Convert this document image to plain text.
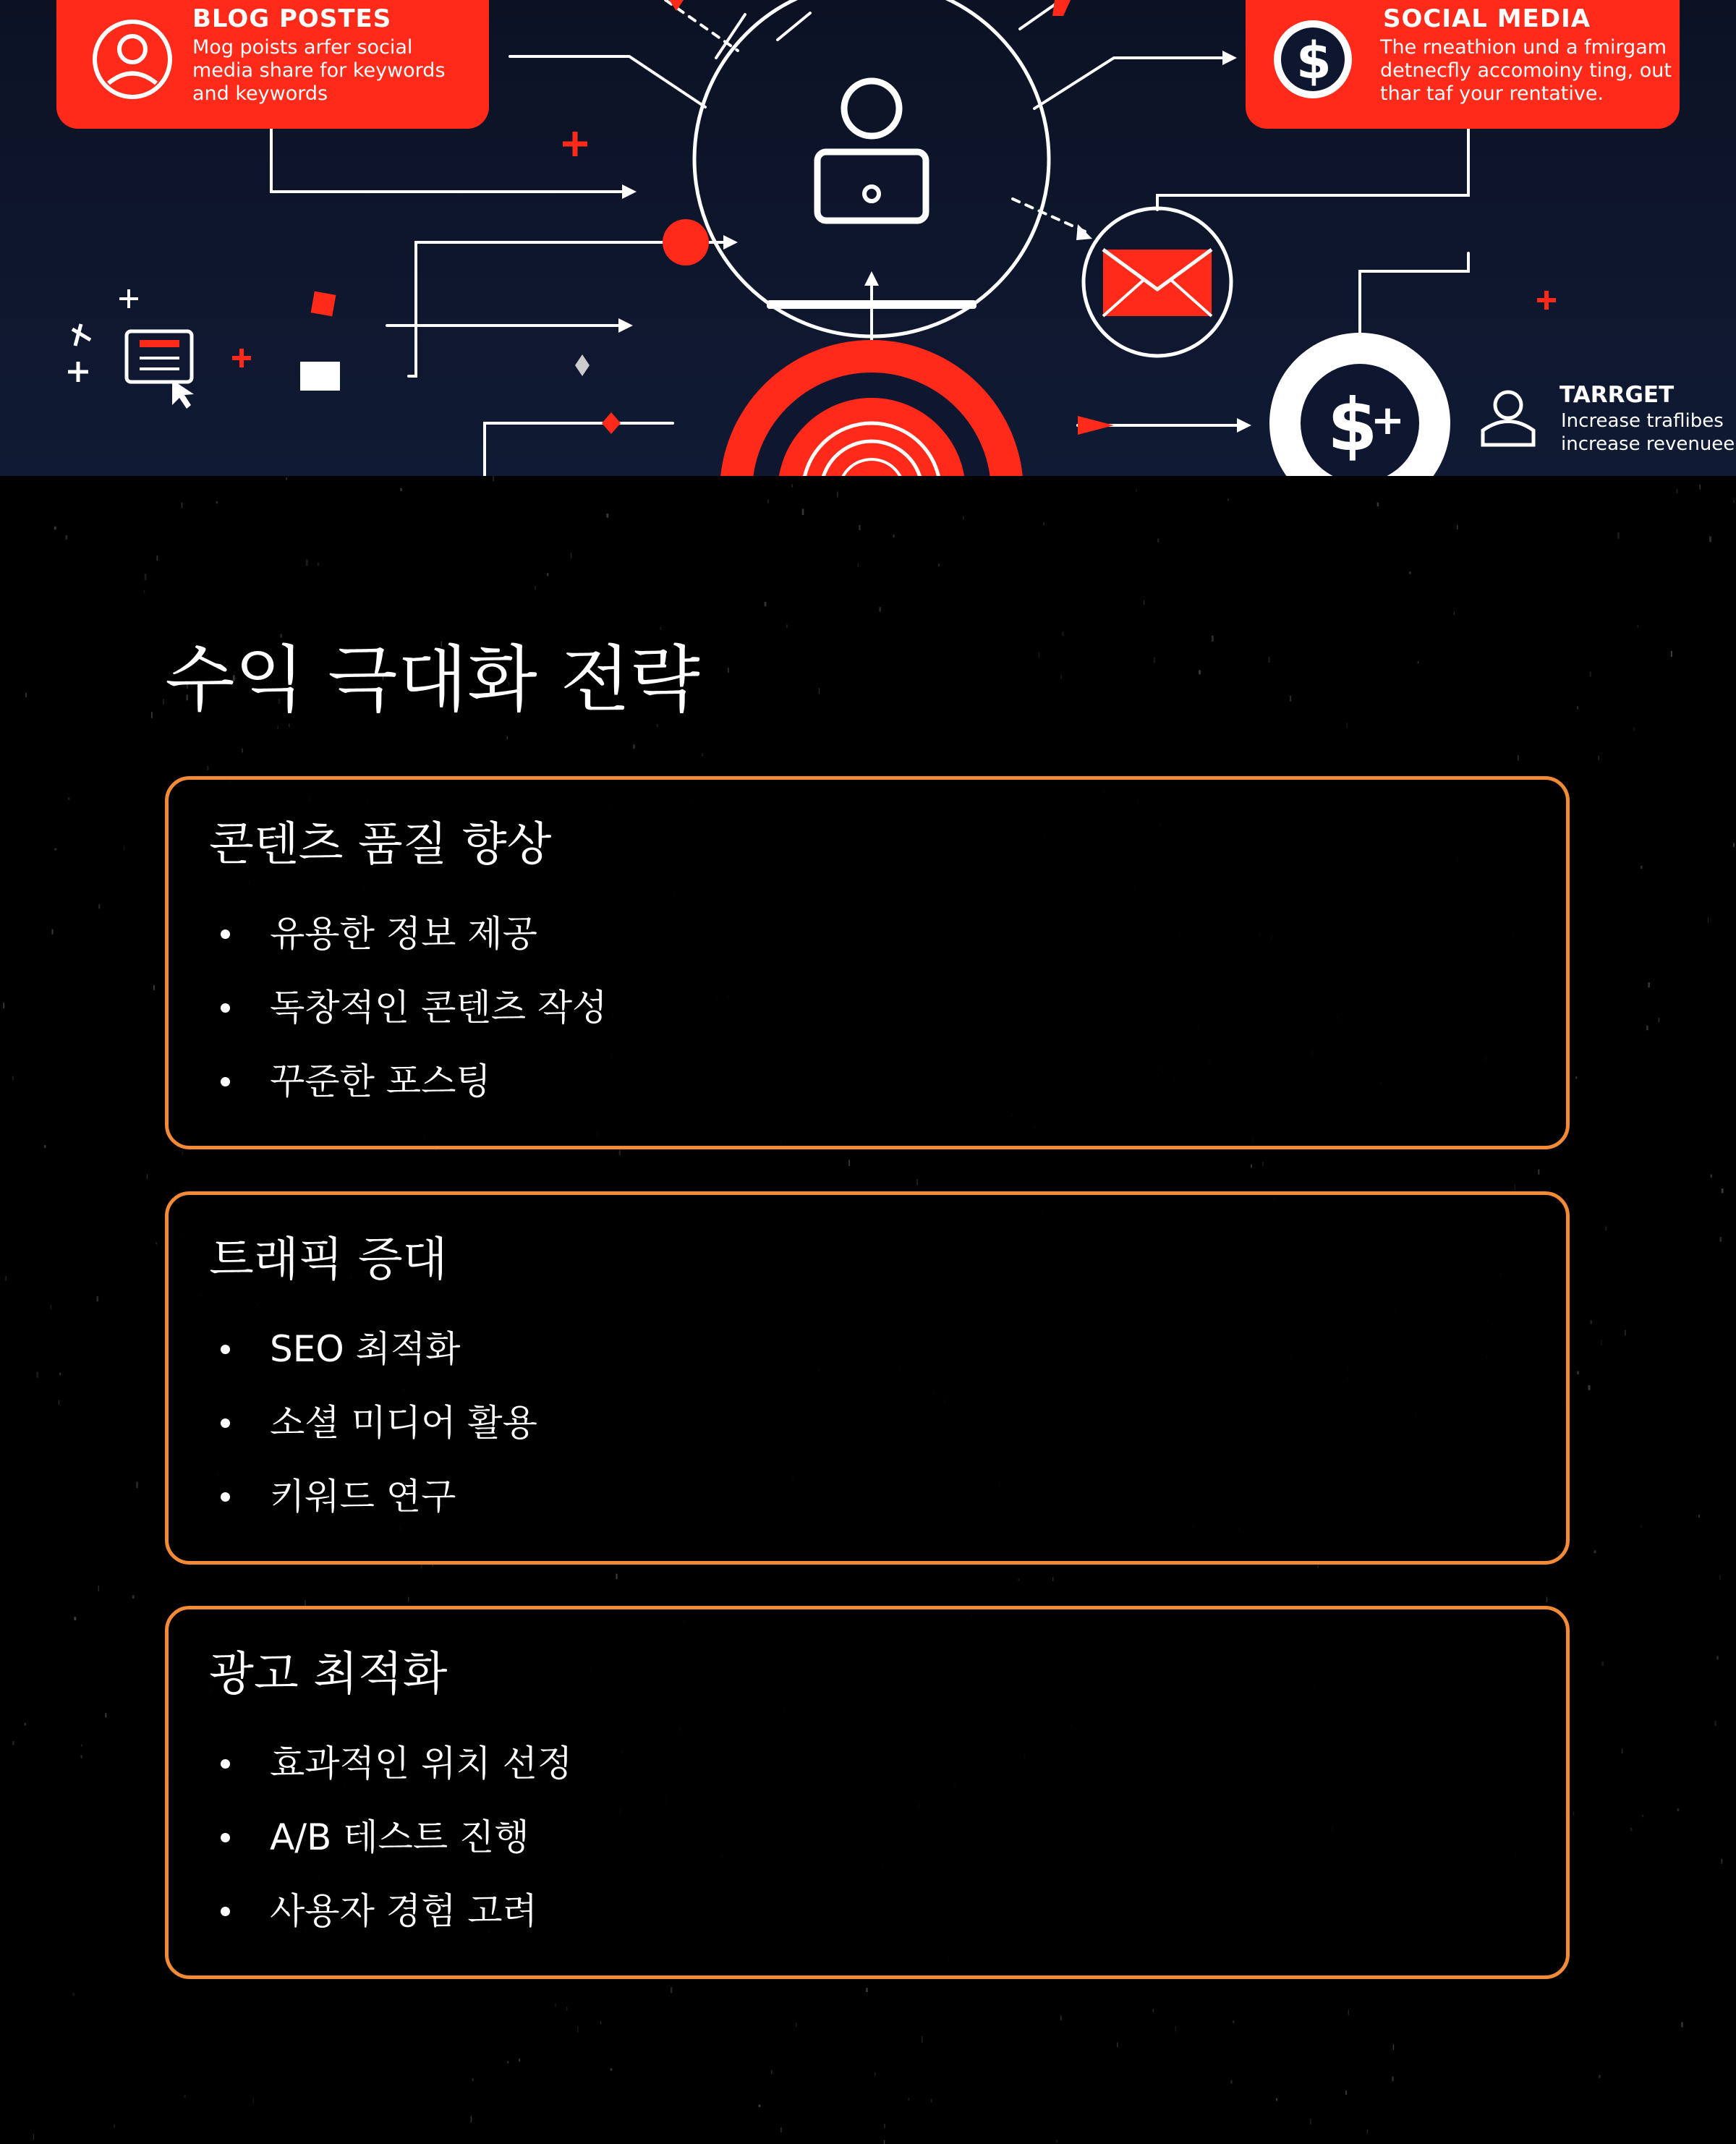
$
+
$
BLOG POSTES
Mog poists arfer social
media share for keywords
and keywords
SOCIAL MEDIA
The rneathion und a fmirgam
detnecfly accomoiny ting, out
thar taf your rentative.
TARRGET
Increase traflibes
increase revenuee
수익 극대화 전략
콘텐츠 품질 향상
유용한 정보 제공
독창적인 콘텐츠 작성
꾸준한 포스팅
트래픽 증대
SEO 최적화
소셜 미디어 활용
키워드 연구
광고 최적화
효과적인 위치 선정
A/B 테스트 진행
사용자 경험 고려
